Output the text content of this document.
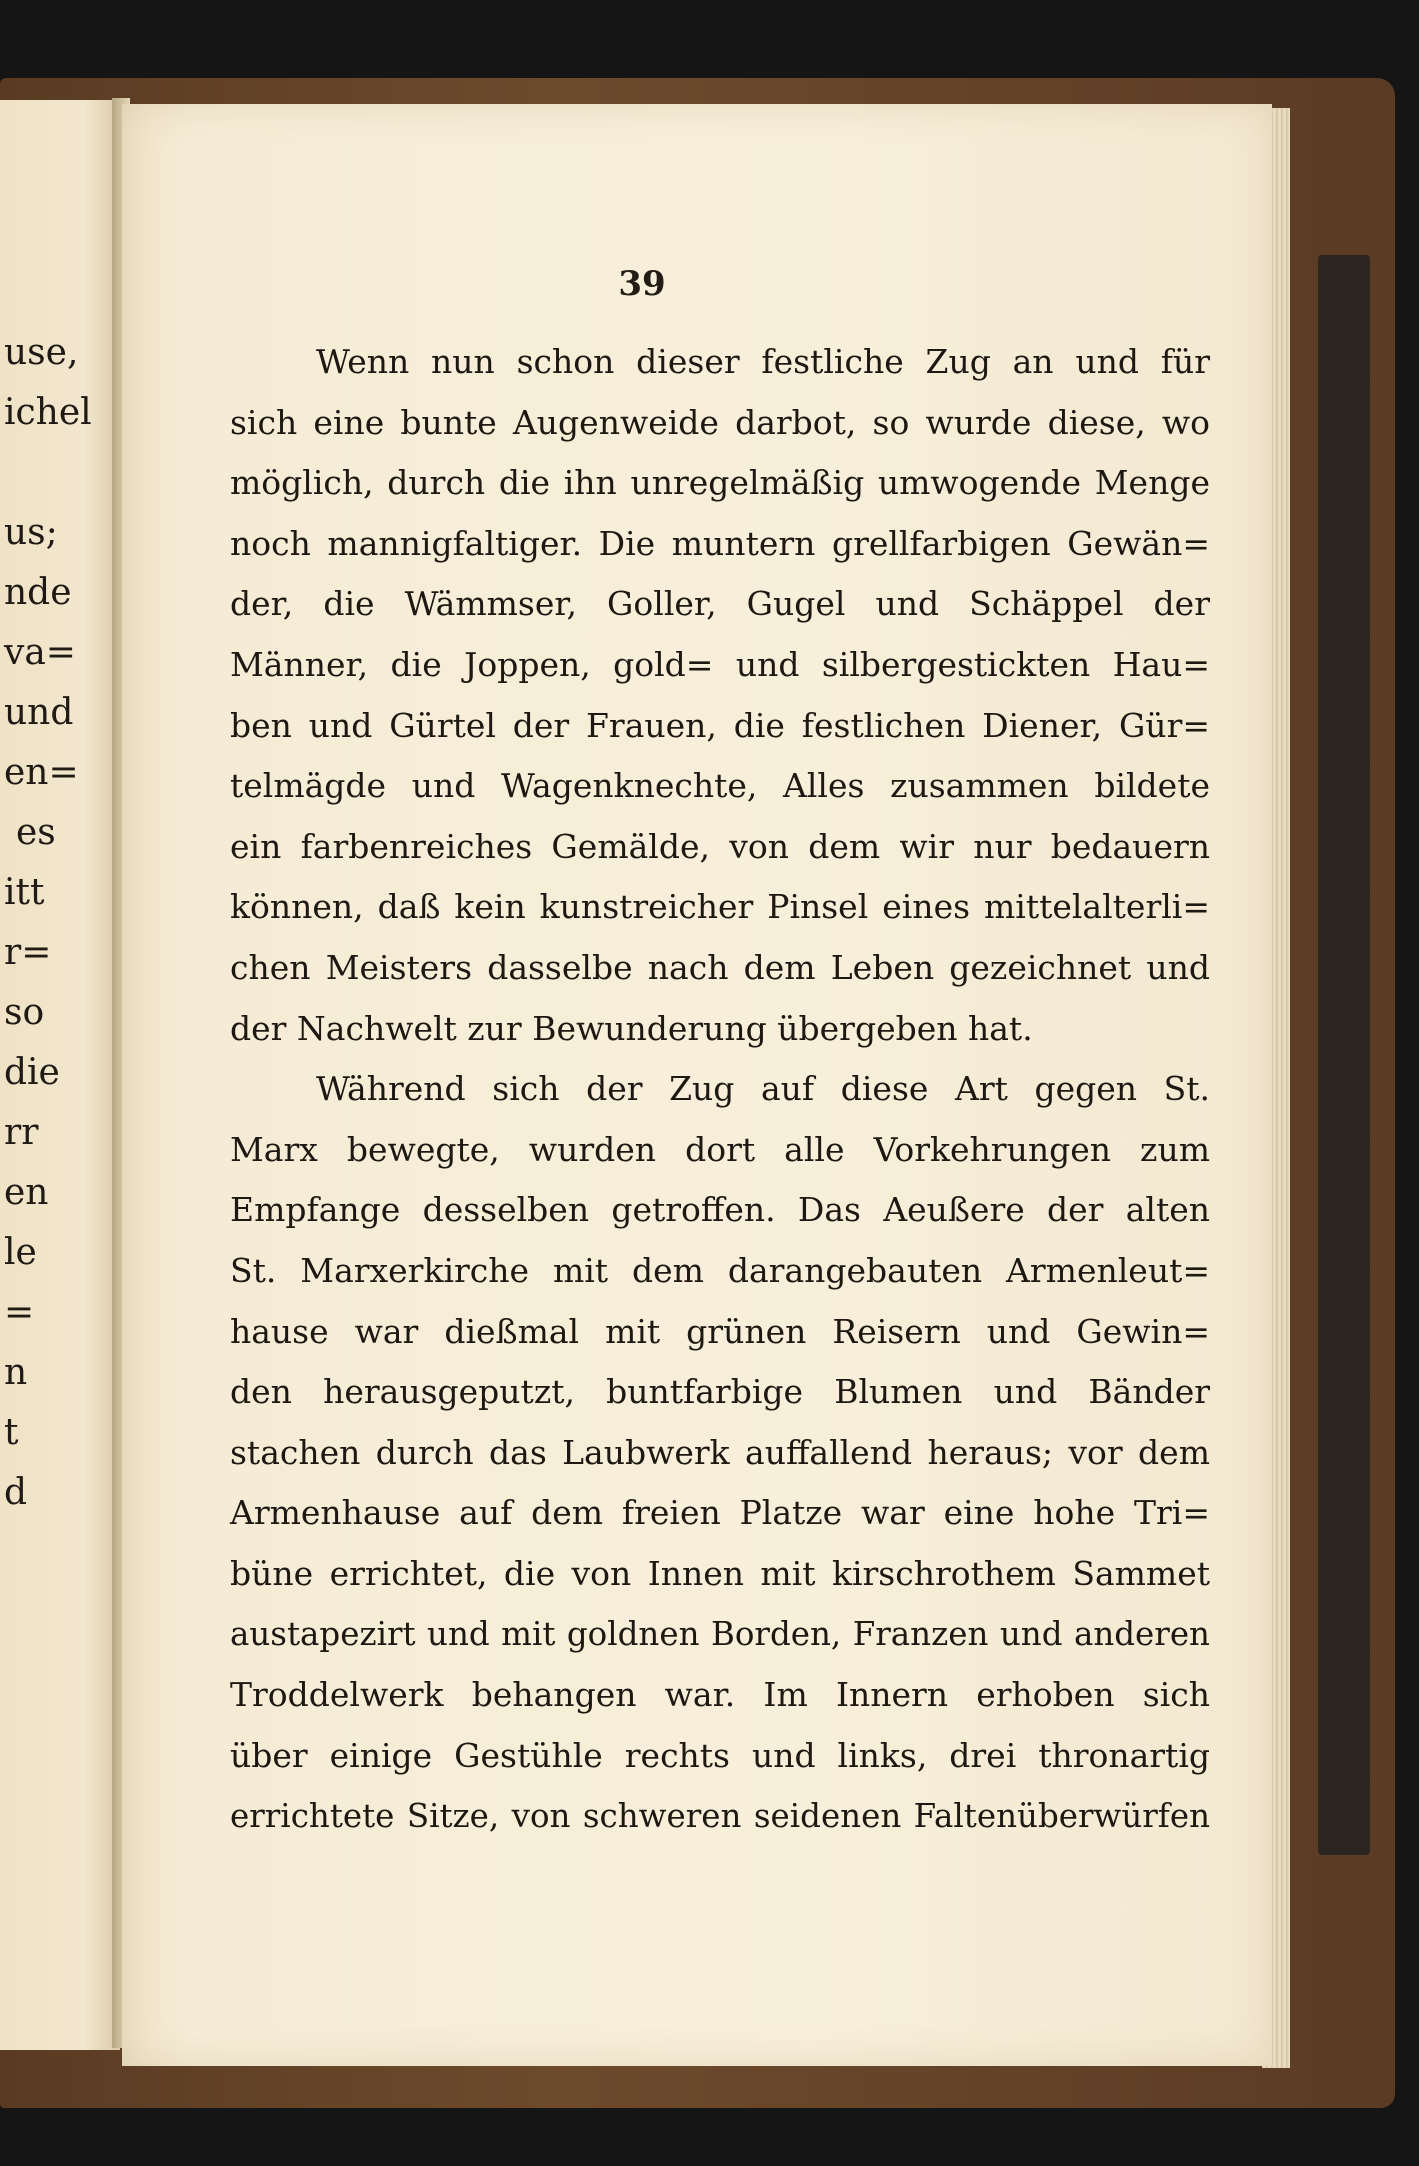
use,
ichel
us;
nde
va=
und
en=
es
itt
r=
so
die
rr
en
le
=
n
t
d
39
Wenn nun schon dieser festliche Zug an und für
sich eine bunte Augenweide darbot, so wurde diese, wo
möglich, durch die ihn unregelmäßig umwogende Menge
noch mannigfaltiger. Die muntern grellfarbigen Gewän=
der, die Wämmser, Goller, Gugel und Schäppel der
Männer, die Joppen, gold= und silbergestickten Hau=
ben und Gürtel der Frauen, die festlichen Diener, Gür=
telmägde und Wagenknechte, Alles zusammen bildete
ein farbenreiches Gemälde, von dem wir nur bedauern
können, daß kein kunstreicher Pinsel eines mittelalterli=
chen Meisters dasselbe nach dem Leben gezeichnet und
der Nachwelt zur Bewunderung übergeben hat.
Während sich der Zug auf diese Art gegen St.
Marx bewegte, wurden dort alle Vorkehrungen zum
Empfange desselben getroffen. Das Aeußere der alten
St. Marxerkirche mit dem darangebauten Armenleut=
hause war dießmal mit grünen Reisern und Gewin=
den herausgeputzt, buntfarbige Blumen und Bänder
stachen durch das Laubwerk auffallend heraus; vor dem
Armenhause auf dem freien Platze war eine hohe Tri=
büne errichtet, die von Innen mit kirschrothem Sammet
austapezirt und mit goldnen Borden, Franzen und anderen
Troddelwerk behangen war. Im Innern erhoben sich
über einige Gestühle rechts und links, drei thronartig
errichtete Sitze, von schweren seidenen Faltenüberwürfen
